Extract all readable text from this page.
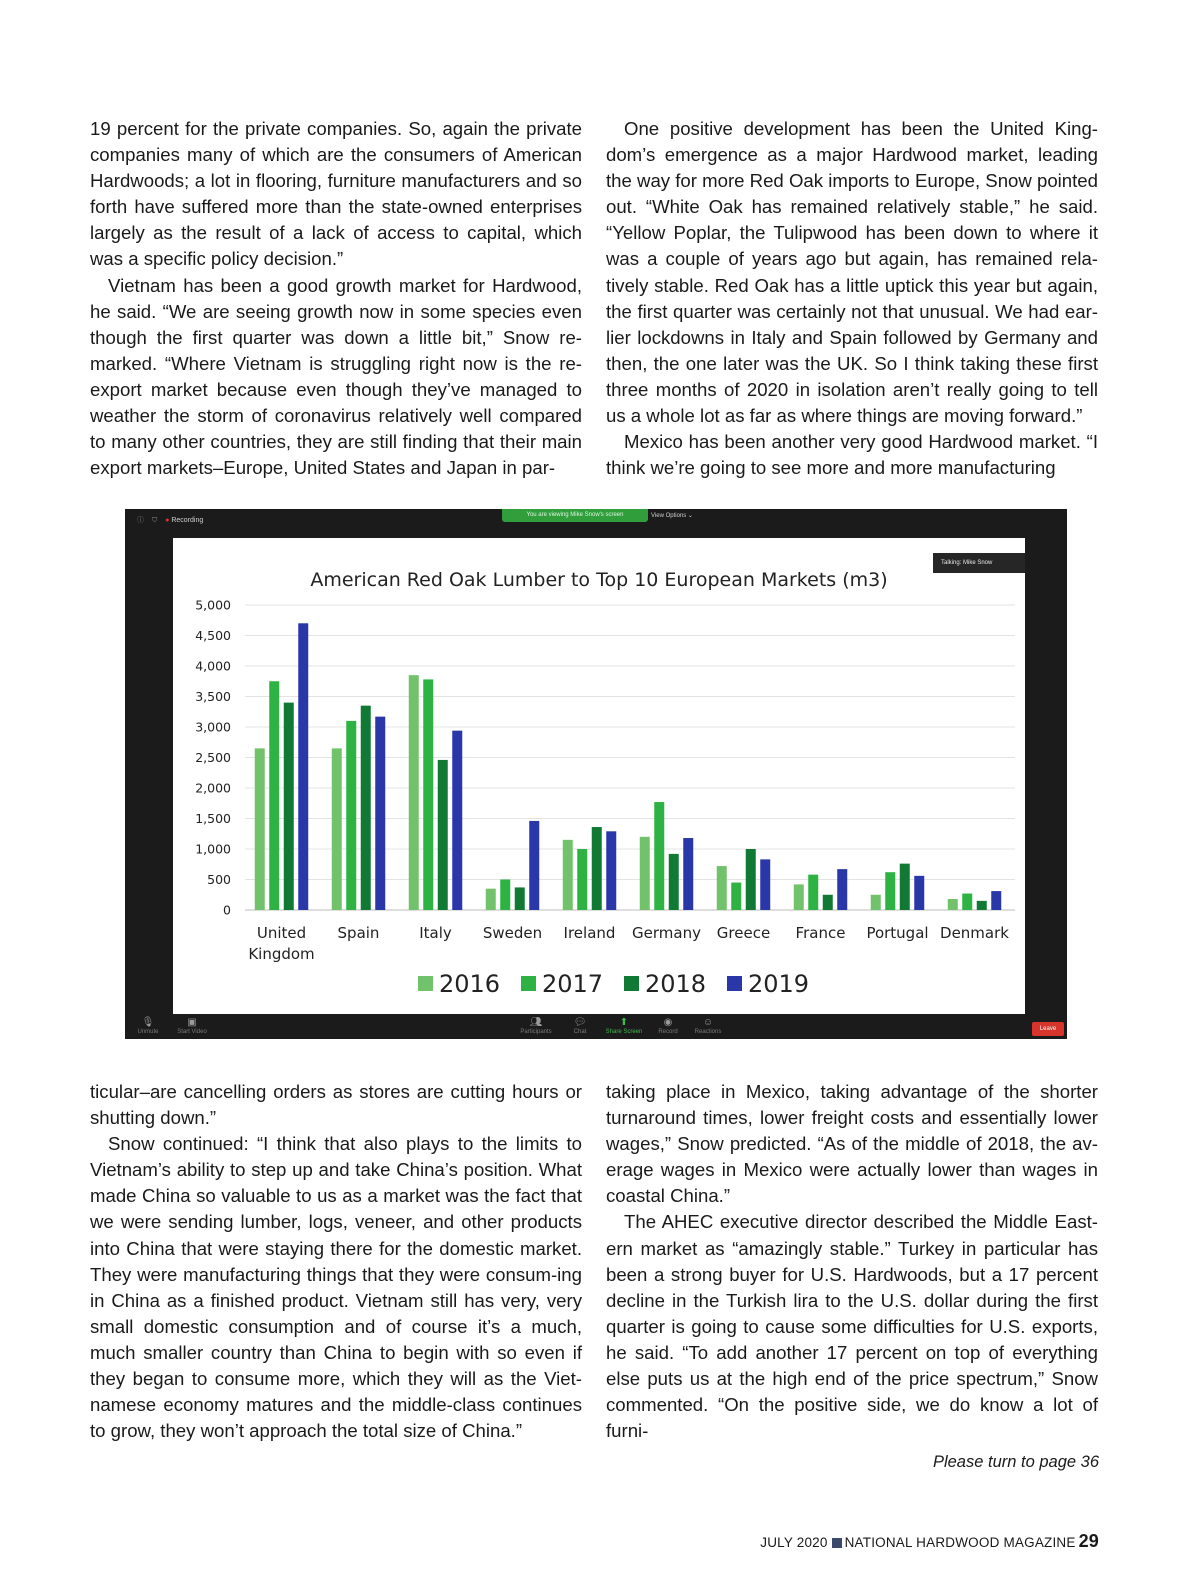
19 percent for the private companies. So, again the private companies many of which are the consumers of American Hardwoods; a lot in flooring, furniture manufacturers and so forth have suffered more than the state-owned enterprises largely as the result of a lack of access to capital, which was a specific policy decision.”

Vietnam has been a good growth market for Hardwood, he said. “We are seeing growth now in some species even though the first quarter was down a little bit,” Snow re-marked. “Where Vietnam is struggling right now is the re-export market because even though they’ve managed to weather the storm of coronavirus relatively well compared to many other countries, they are still finding that their main export markets–Europe, United States and Japan in par-

One positive development has been the United King-dom’s emergence as a major Hardwood market, leading the way for more Red Oak imports to Europe, Snow pointed out. “White Oak has remained relatively stable,” he said. “Yellow Poplar, the Tulipwood has been down to where it was a couple of years ago but again, has remained rela-tively stable. Red Oak has a little uptick this year but again, the first quarter was certainly not that unusual. We had ear-lier lockdowns in Italy and Spain followed by Germany and then, the one later was the UK. So I think taking these first three months of 2020 in isolation aren’t really going to tell us a whole lot as far as where things are moving forward.”

Mexico has been another very good Hardwood market. “I think we’re going to see more and more manufacturing

ⓘ ⛉ ● Recording
You are viewing Mike Snow's screen	View Options ⌄
American Red Oak Lumber to Top 10 European Markets (m3)
0
500
1,000
1,500
2,000
2,500
3,000
3,500
4,000
4,500
5,000
United
Kingdom
Spain	Italy Sweden Ireland Germany Greece France Portugal Denmark
2016 2017 2018 2019
Talking: Mike Snow
🎙︎
Unmute
▣
Start Video
👥︎
Participants
💬︎
Chat
⬆
Share Screen
◉
Record
☺
Reactions	Leave

ticular–are cancelling orders as stores are cutting hours or shutting down.”

Snow continued: “I think that also plays to the limits to Vietnam’s ability to step up and take China’s position. What made China so valuable to us as a market was the fact that we were sending lumber, logs, veneer, and other products into China that were staying there for the domestic market. They were manufacturing things that they were consum-ing in China as a finished product. Vietnam still has very, very small domestic consumption and of course it’s a much, much smaller country than China to begin with so even if they began to consume more, which they will as the Viet-namese economy matures and the middle-class continues to grow, they won’t approach the total size of China.”

taking place in Mexico, taking advantage of the shorter turnaround times, lower freight costs and essentially lower wages,” Snow predicted. “As of the middle of 2018, the av-erage wages in Mexico were actually lower than wages in coastal China.”

The AHEC executive director described the Middle East-ern market as “amazingly stable.” Turkey in particular has been a strong buyer for U.S. Hardwoods, but a 17 percent decline in the Turkish lira to the U.S. dollar during the first quarter is going to cause some difficulties for U.S. exports, he said. “To add another 17 percent on top of everything else puts us at the high end of the price spectrum,” Snow commented. “On the positive side, we do know a lot of furni-

Please turn to page 36
JULY 2020 NATIONAL HARDWOOD MAGAZINE 29
